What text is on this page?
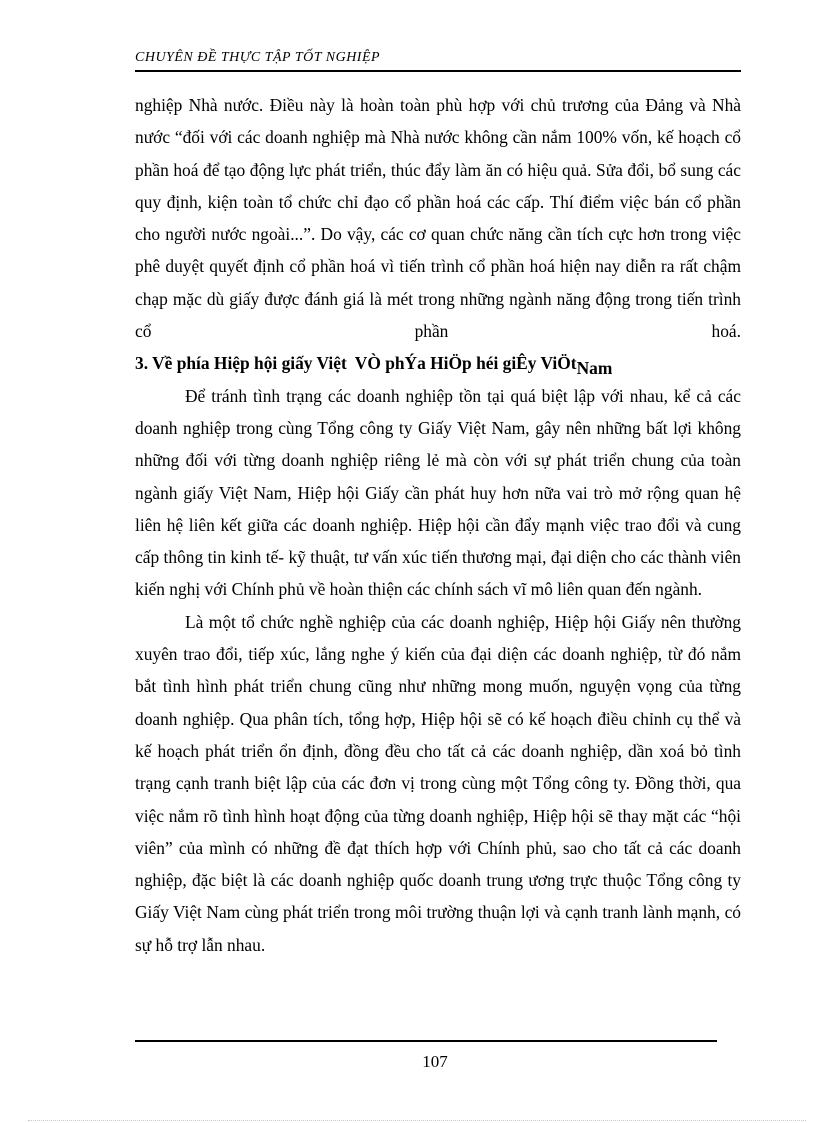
CHUYÊN ĐỀ THỰC TẬP TỐT NGHIỆP

nghiệp Nhà nước. Điều này là hoàn toàn phù hợp với chủ trương của Đảng và Nhà nước “đối với các doanh nghiệp mà Nhà nước không cần nắm 100% vốn, kế hoạch cổ phần hoá để tạo động lực phát triển, thúc đẩy làm ăn có hiệu quả. Sửa đổi, bổ sung các quy định, kiện toàn tổ chức chỉ đạo cổ phần hoá các cấp. Thí điểm việc bán cổ phần cho người nước ngoài...”. Do vậy, các cơ quan chức năng cần tích cực hơn trong việc phê duyệt quyết định cổ phần hoá vì tiến trình cổ phần hoá hiện nay diễn ra rất chậm chạp mặc dù giấy được đánh giá là mét trong những ngành năng động trong tiến trình cổ phần hoá.

3. Về phía Hiệp hội giấy Việt VÒ phÝa HiÖp héi giÊy ViÖtNam

Để tránh tình trạng các doanh nghiệp tồn tại quá biệt lập với nhau, kể cả các doanh nghiệp trong cùng Tổng công ty Giấy Việt Nam, gây nên những bất lợi không những đối với từng doanh nghiệp riêng lẻ mà còn với sự phát triển chung của toàn ngành giấy Việt Nam, Hiệp hội Giấy cần phát huy hơn nữa vai trò mở rộng quan hệ liên hệ liên kết giữa các doanh nghiệp. Hiệp hội cần đẩy mạnh việc trao đổi và cung cấp thông tin kinh tế- kỹ thuật, tư vấn xúc tiến thương mại, đại diện cho các thành viên kiến nghị với Chính phủ về hoàn thiện các chính sách vĩ mô liên quan đến ngành.

Là một tổ chức nghề nghiệp của các doanh nghiệp, Hiệp hội Giấy nên thường xuyên trao đổi, tiếp xúc, lắng nghe ý kiến của đại diện các doanh nghiệp, từ đó nắm bắt tình hình phát triển chung cũng như những mong muốn, nguyện vọng của từng doanh nghiệp. Qua phân tích, tổng hợp, Hiệp hội sẽ có kế hoạch điều chỉnh cụ thể và kế hoạch phát triển ổn định, đồng đều cho tất cả các doanh nghiệp, dần xoá bỏ tình trạng cạnh tranh biệt lập của các đơn vị trong cùng một Tổng công ty. Đồng thời, qua việc nắm rõ tình hình hoạt động của từng doanh nghiệp, Hiệp hội sẽ thay mặt các “hội viên” của mình có những đề đạt thích hợp với Chính phủ, sao cho tất cả các doanh nghiệp, đặc biệt là các doanh nghiệp quốc doanh trung ương trực thuộc Tổng công ty Giấy Việt Nam cùng phát triển trong môi trường thuận lợi và cạnh tranh lành mạnh, có sự hỗ trợ lẫn nhau.

107
